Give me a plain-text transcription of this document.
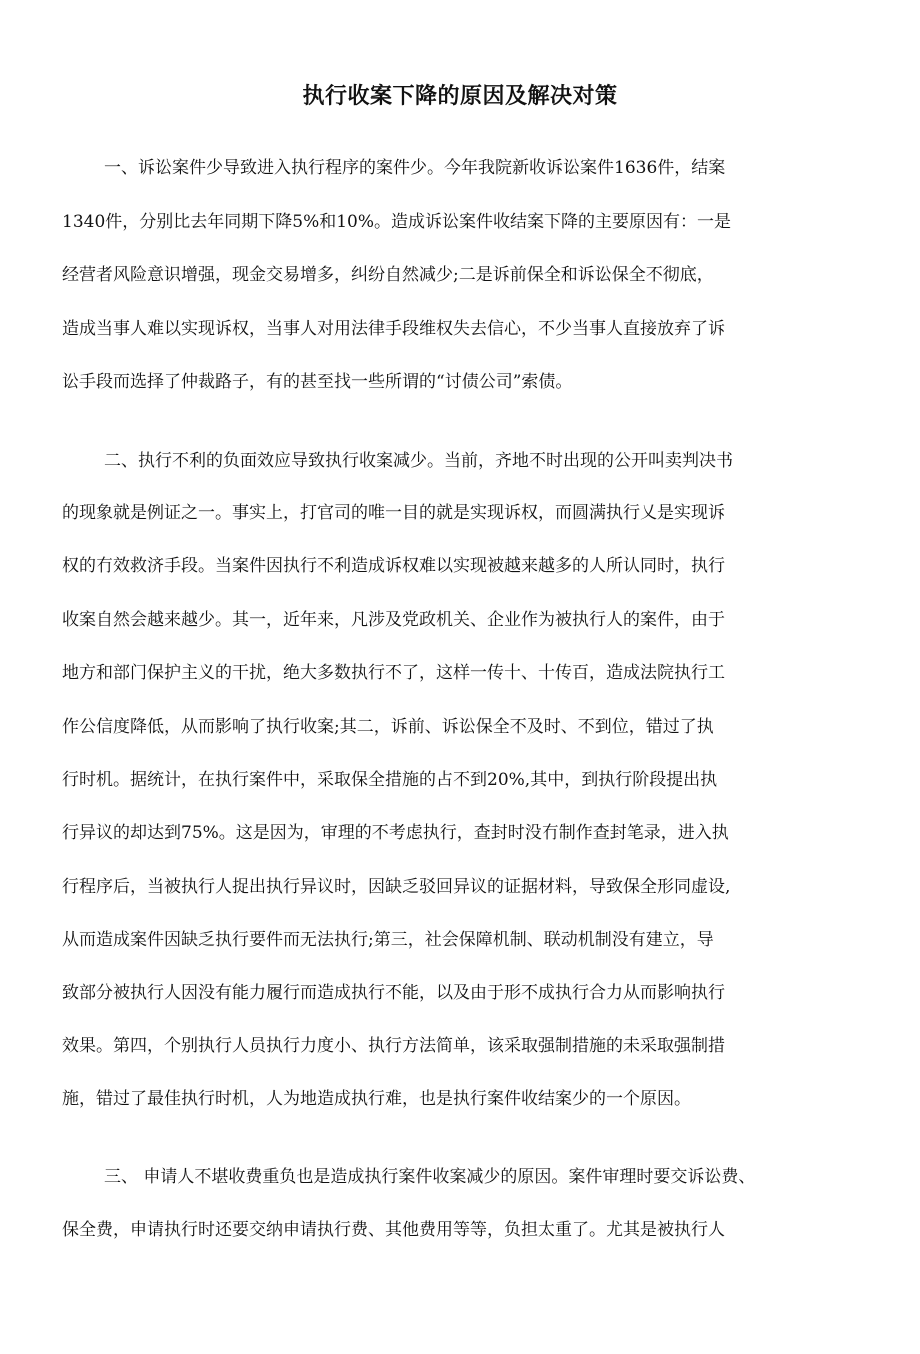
执行收案下降的原因及解决对策
一、诉讼案件少导致进入执行程序的案件少。今年我院新收诉讼案件1636件，结案
1340件，分别比去年同期下降5%和10%。造成诉讼案件收结案下降的主要原因有：一是
经营者风险意识增强，现金交易增多，纠纷自然减少;二是诉前保全和诉讼保全不彻底，
造成当事人难以实现诉权，当事人对用法律手段维权失去信心，不少当事人直接放弃了诉
讼手段而选择了仲裁路子，有的甚至找一些所谓的“讨债公司”索债。
二、执行不利的负面效应导致执行收案减少。当前，齐地不时出现的公开叫卖判决书
的现象就是例证之一。事实上，打官司的唯一目的就是实现诉权，而圆满执行乂是实现诉
权的冇效救济手段。当案件因执行不利造成诉权难以实现被越来越多的人所认同时，执行
收案自然会越来越少。其一，近年来，凡涉及党政机关、企业作为被执行人的案件，由于
地方和部门保护主义的干扰，绝大多数执行不了，这样一传十、十传百，造成法院执行工
作公信度降低，从而影响了执行收案;其二，诉前、诉讼保全不及时、不到位，错过了执
行时机。据统计，在执行案件中，采取保全措施的占不到20%,其中，到执行阶段提出执
行异议的却达到75%。这是因为，审理的不考虑执行，查封时没冇制作查封笔录，进入执
行程序后，当被执行人捉出执行异议时，因缺乏驳回异议的证据材料，导致保全形同虚设,
从而造成案件因缺乏执行要件而无法执行;第三，社会保障机制、联动机制没有建立，导
致部分被执行人因没有能力履行而造成执行不能，以及由于形不成执行合力从而影响执行
效果。第四，个别执行人员执行力度小、执行方法简单，该采取强制措施的未采取强制措
施，错过了最佳执行时机，人为地造成执行难，也是执行案件收结案少的一个原因。
三、 申请人不堪收费重负也是造成执行案件收案减少的原因。案件审理时要交诉讼费、
保全费，申请执行时还要交纳申请执行费、其他费用等等，负担太重了。尤其是被执行人
